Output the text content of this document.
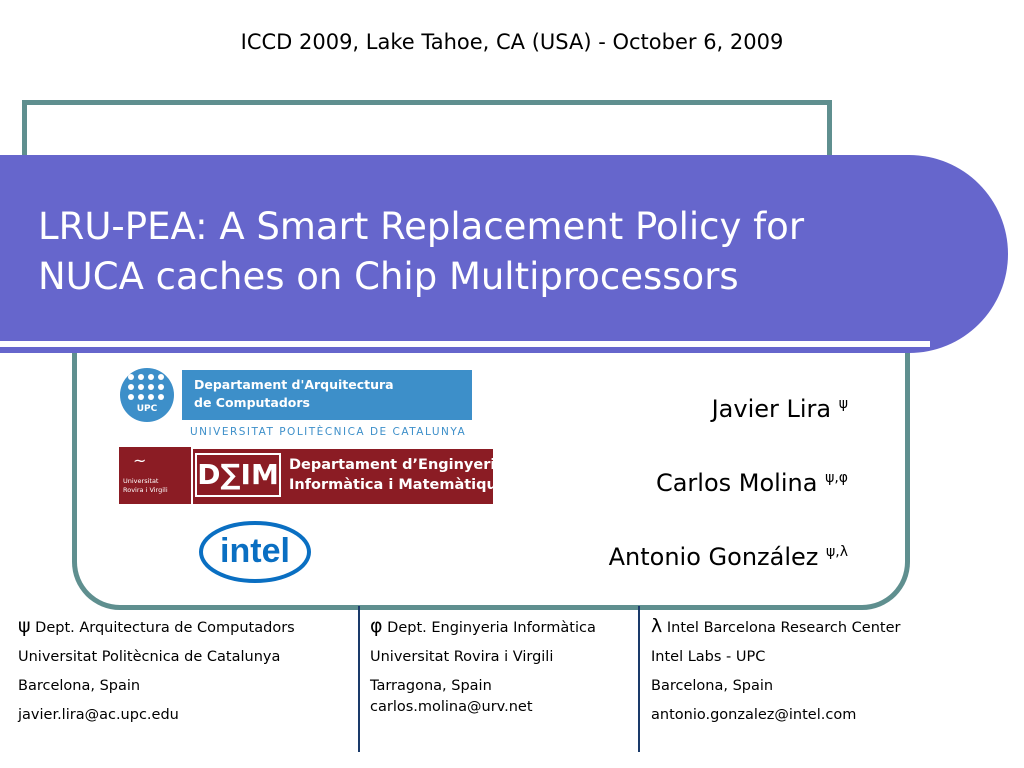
ICCD 2009, Lake Tahoe, CA (USA) - October 6, 2009
LRU-PEA: A Smart Replacement Policy for
NUCA caches on Chip Multiprocessors
UPC
Departament d'Arquitectura
de Computadors
UNIVERSITAT POLITÈCNICA DE CATALUNYA
~
Universitat
Rovira i Virgili D∑IM Departament d’Enginyeria
Informàtica i Matemàtiques
intel
Javier Lira $^\psi$
Carlos Molina $^{\psi,\varphi}$
Antonio González $^{\psi,\lambda}$
ψ Dept. Arquitectura de Computadors
Universitat Politècnica de Catalunya
Barcelona, Spain
javier.lira@ac.upc.edu
φ Dept. Enginyeria Informàtica
Universitat Rovira i Virgili
Tarragona, Spain
carlos.molina@urv.net
λ Intel Barcelona Research Center
Intel Labs - UPC
Barcelona, Spain
antonio.gonzalez@intel.com
